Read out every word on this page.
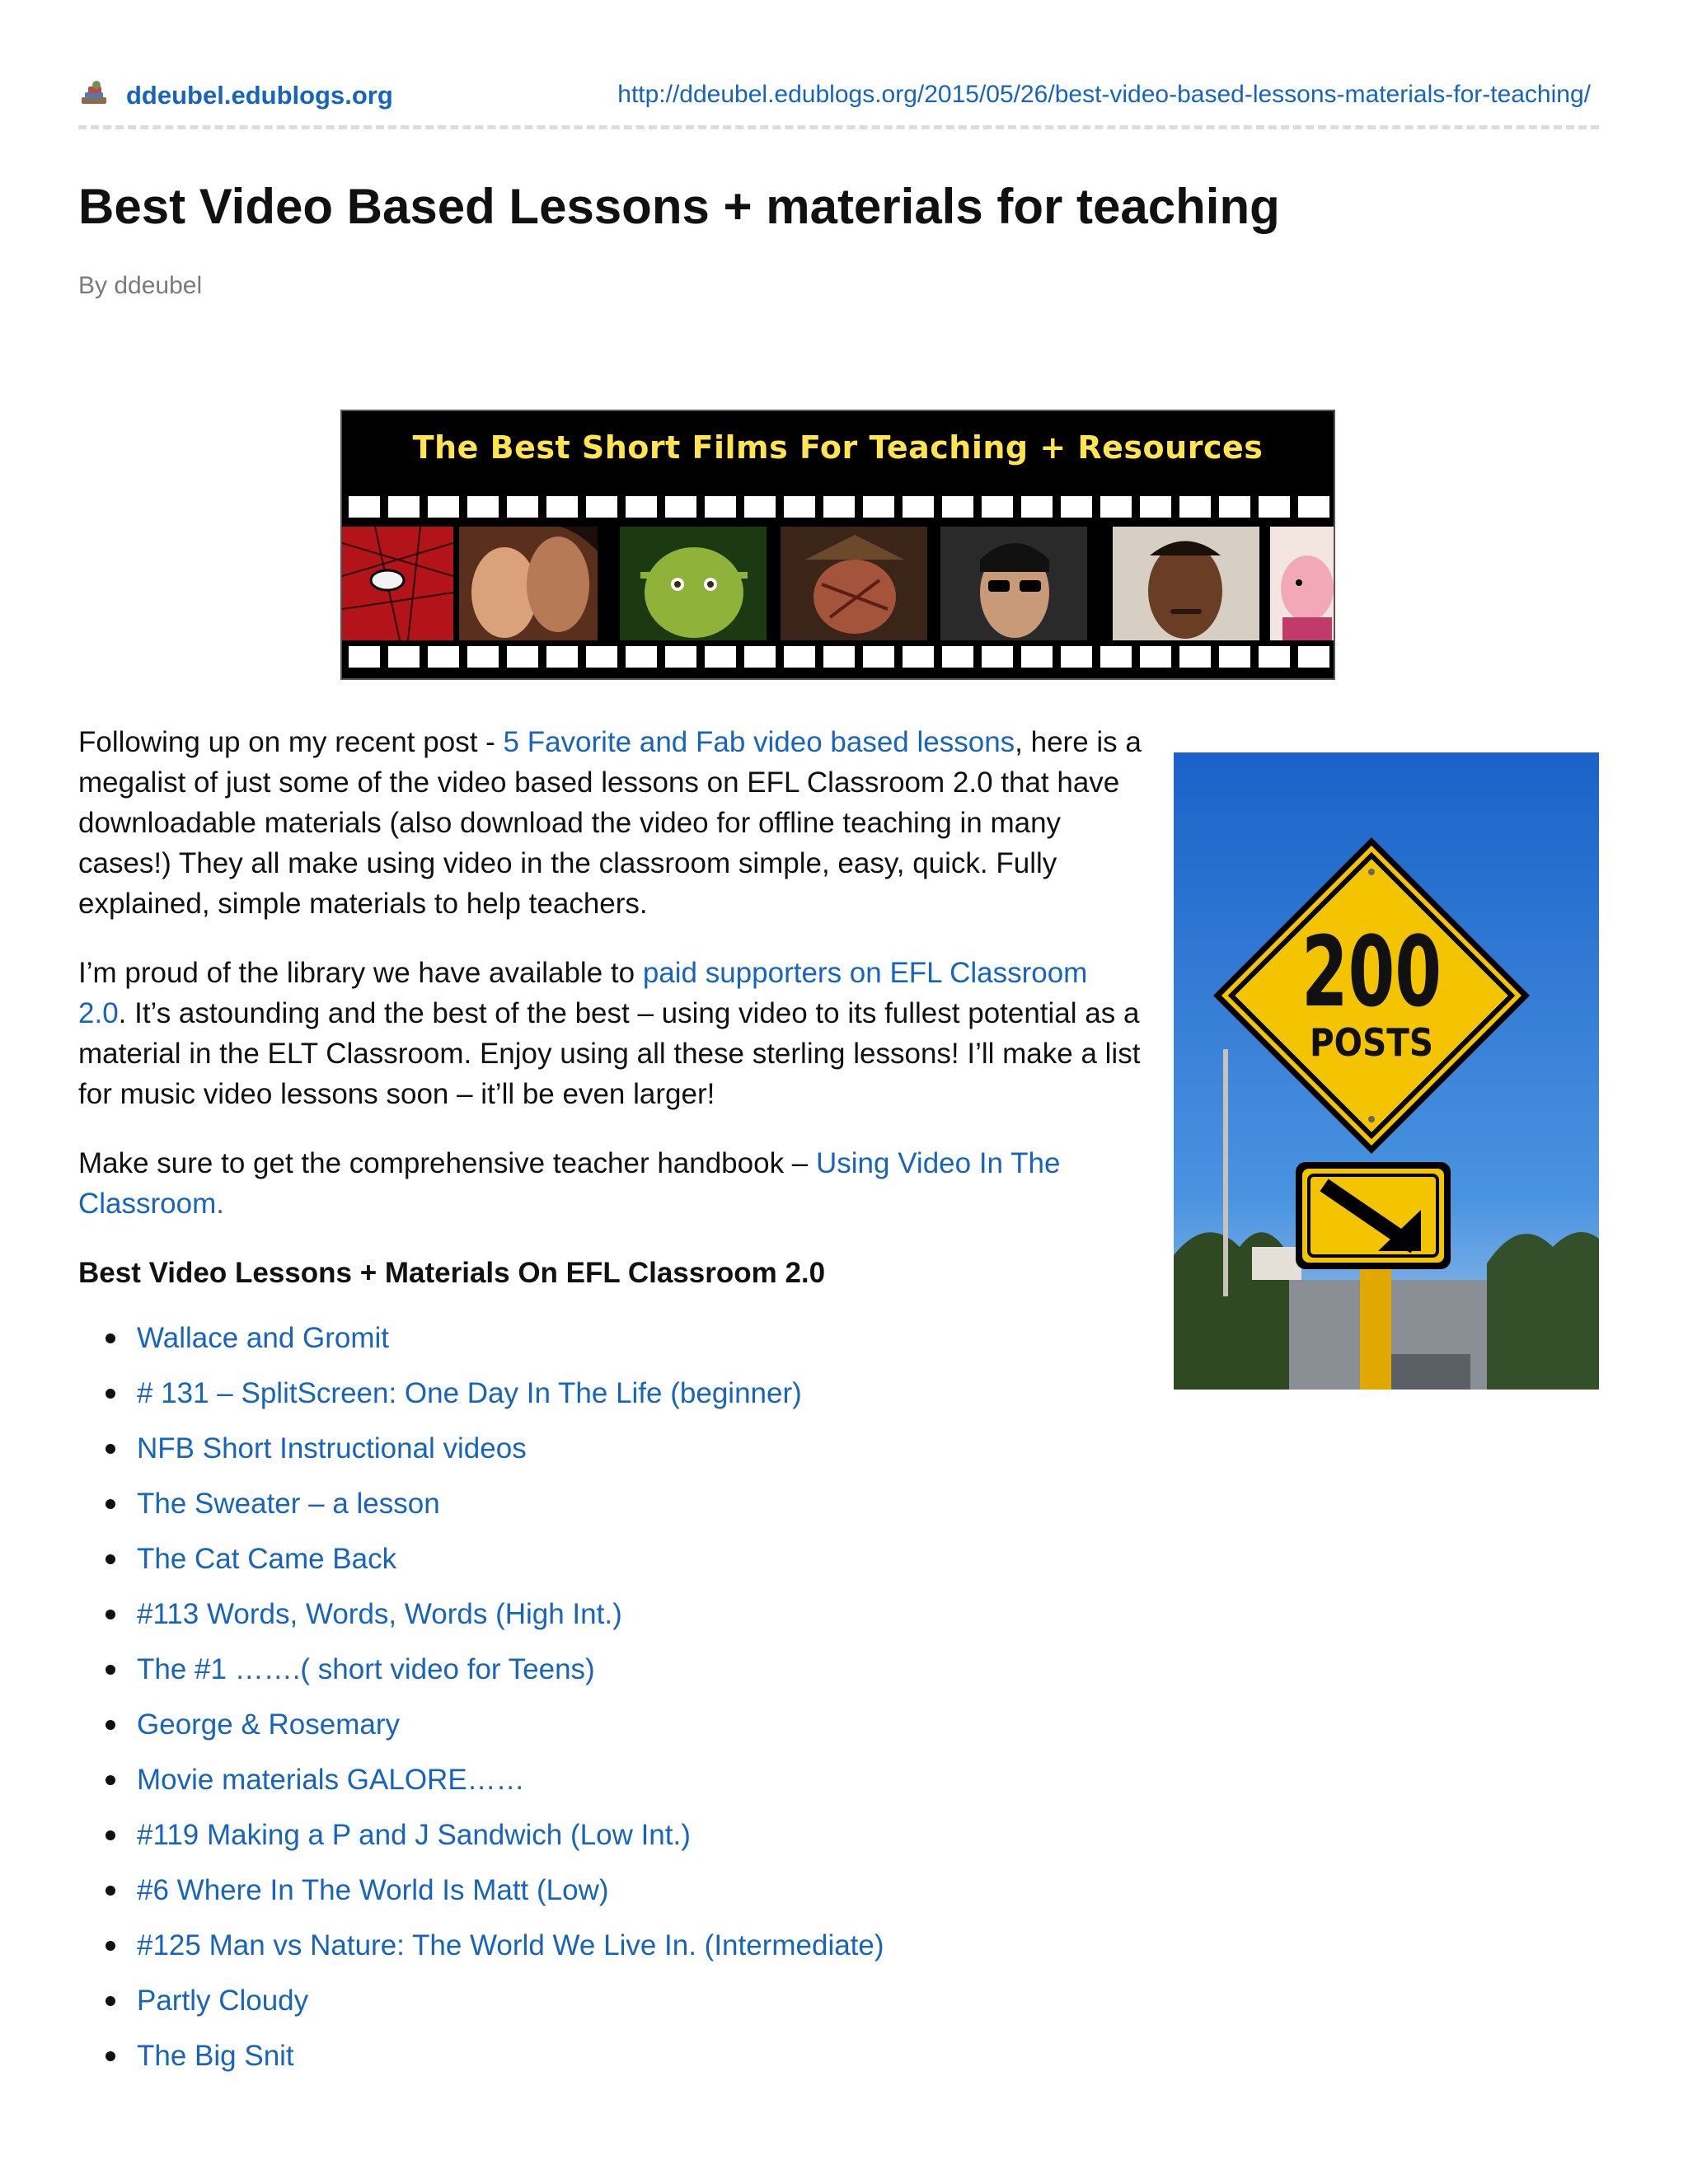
ddeubel.edublogs.org	http://ddeubel.edublogs.org/2015/05/26/best-video-based-lessons-materials-for-teaching/
Best Video Based Lessons + materials for teaching
By ddeubel
The Best Short Films For Teaching + Resources
200
POSTS

Following up on my recent post - 5 Favorite and Fab video based lessons, here is a megalist of just some of the video based lessons on EFL Classroom 2.0 that have downloadable materials (also download the video for offline teaching in many cases!) They all make using video in the classroom simple, easy, quick. Fully explained, simple materials to help teachers.

I’m proud of the library we have available to paid supporters on EFL Classroom 2.0. It’s astounding and the best of the best – using video to its fullest potential as a material in the ELT Classroom. Enjoy using all these sterling lessons! I’ll make a list for music video lessons soon – it’ll be even larger!

Make sure to get the comprehensive teacher handbook – Using Video In The Classroom.

Best Video Lessons + Materials On EFL Classroom 2.0

Wallace and Gromit
# 131 – SplitScreen: One Day In The Life (beginner)
NFB Short Instructional videos
The Sweater – a lesson
The Cat Came Back
#113 Words, Words, Words (High Int.)
The #1 …….( short video for Teens)
George & Rosemary
Movie materials GALORE……
#119 Making a P and J Sandwich (Low Int.)
#6 Where In The World Is Matt (Low)
#125 Man vs Nature: The World We Live In. (Intermediate)
Partly Cloudy
The Big Snit
